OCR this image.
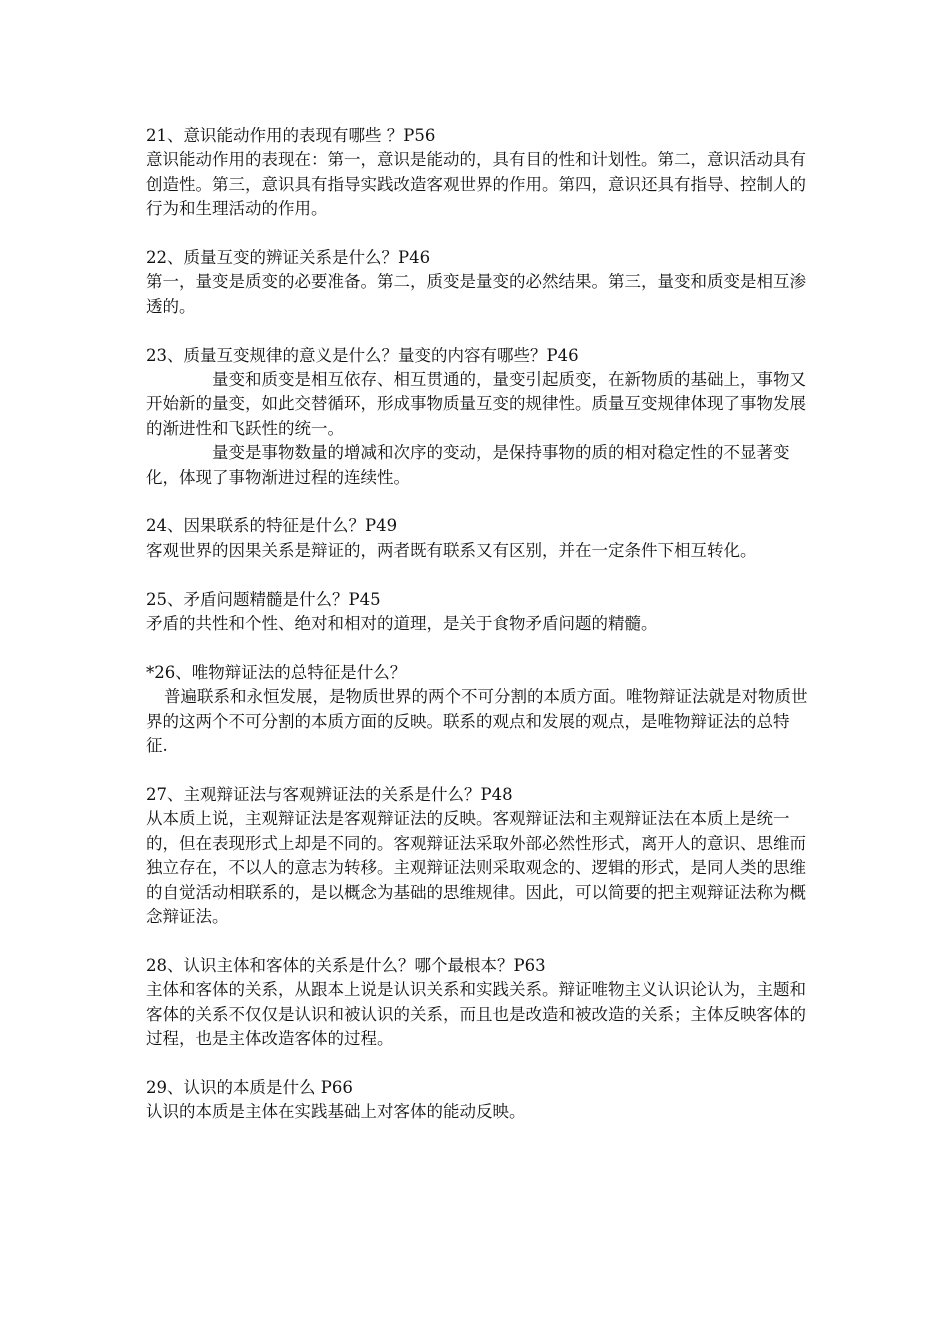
21、意识能动作用的表现有哪些 ？P56

意识能动作用的表现在：第一，意识是能动的，具有目的性和计划性。第二，意识活动具有创造性。第三，意识具有指导实践改造客观世界的作用。第四，意识还具有指导、控制人的行为和生理活动的作用。

22、质量互变的辨证关系是什么？P46

第一，量变是质变的必要准备。第二，质变是量变的必然结果。第三，量变和质变是相互渗透的。

23、质量互变规律的意义是什么？量变的内容有哪些？P46

量变和质变是相互依存、相互贯通的，量变引起质变，在新物质的基础上，事物又开始新的量变，如此交替循环，形成事物质量互变的规律性。质量互变规律体现了事物发展的渐进性和飞跃性的统一。

量变是事物数量的增减和次序的变动，是保持事物的质的相对稳定性的不显著变化，体现了事物渐进过程的连续性。

24、因果联系的特征是什么？P49

客观世界的因果关系是辩证的，两者既有联系又有区别，并在一定条件下相互转化。

25、矛盾问题精髓是什么？P45

矛盾的共性和个性、绝对和相对的道理，是关于食物矛盾问题的精髓。

*26、唯物辩证法的总特征是什么？

普遍联系和永恒发展，是物质世界的两个不可分割的本质方面。唯物辩证法就是对物质世界的这两个不可分割的本质方面的反映。联系的观点和发展的观点，是唯物辩证法的总特征.

27、主观辩证法与客观辨证法的关系是什么？P48

从本质上说，主观辩证法是客观辩证法的反映。客观辩证法和主观辩证法在本质上是统一的，但在表现形式上却是不同的。客观辩证法采取外部必然性形式，离开人的意识、思维而独立存在，不以人的意志为转移。主观辩证法则采取观念的、逻辑的形式，是同人类的思维的自觉活动相联系的，是以概念为基础的思维规律。因此，可以简要的把主观辩证法称为概念辩证法。

28、认识主体和客体的关系是什么？哪个最根本？P63

主体和客体的关系，从跟本上说是认识关系和实践关系。辩证唯物主义认识论认为，主题和客体的关系不仅仅是认识和被认识的关系，而且也是改造和被改造的关系；主体反映客体的过程，也是主体改造客体的过程。

29、认识的本质是什么 P66

认识的本质是主体在实践基础上对客体的能动反映。
